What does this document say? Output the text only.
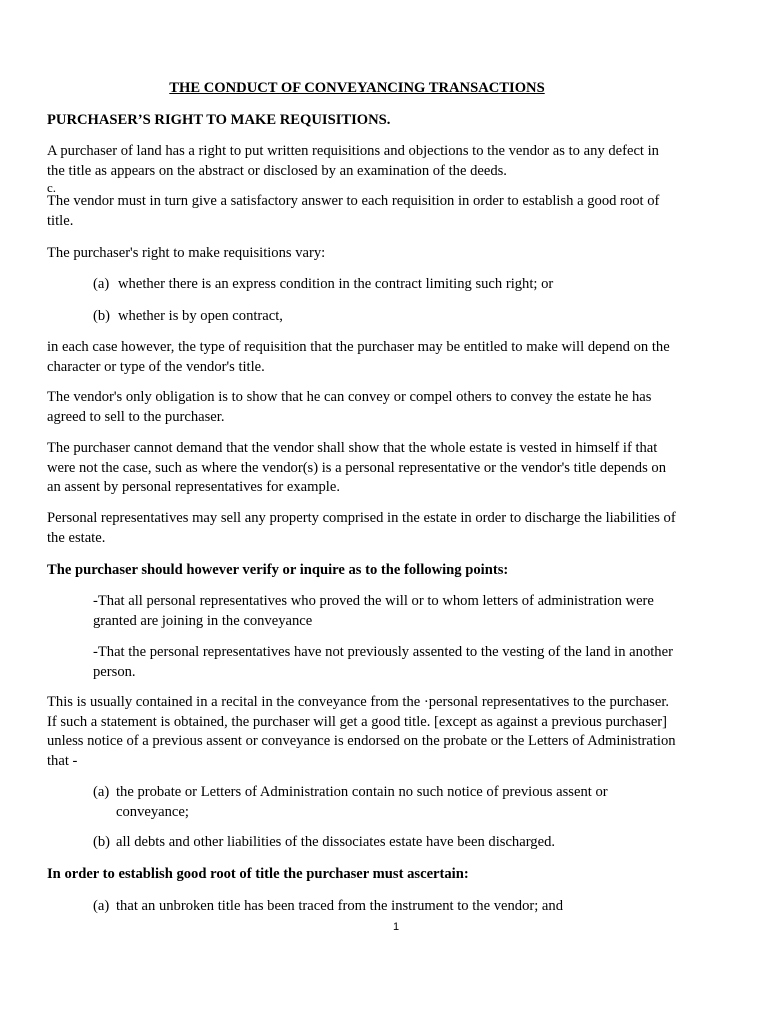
THE CONDUCT OF CONVEYANCING TRANSACTIONS

PURCHASER’S RIGHT TO MAKE REQUISITIONS.

A purchaser of land has a right to put written requisitions and objections to the vendor as to any defect in the title as appears on the abstract or disclosed by an examination of the deeds.

c.

The vendor must in turn give a satisfactory answer to each requisition in order to establish a good root of title.

The purchaser's right to make requisitions vary:

(a) whether there is an express condition in the contract limiting such right; or
(b) whether is by open contract,

in each case however, the type of requisition that the purchaser may be entitled to make will depend on the character or type of the vendor's title.

The vendor's only obligation is to show that he can convey or compel others to convey the estate he has agreed to sell to the purchaser.

The purchaser cannot demand that the vendor shall show that the whole estate is vested in himself if that were not the case, such as where the vendor(s) is a personal representative or the vendor's title depends on an assent by personal representatives for example.

Personal representatives may sell any property comprised in the estate in order to discharge the liabilities of the estate.

The purchaser should however verify or inquire as to the following points:

-That all personal representatives who proved the will or to whom letters of administration were granted are joining in the conveyance

-That the personal representatives have not previously assented to the vesting of the land in another person.

This is usually contained in a recital in the conveyance from the ·personal representatives to the purchaser. If such a statement is obtained, the purchaser will get a good title. [except as against a previous purchaser] unless notice of a previous assent or conveyance is endorsed on the probate or the Letters of Administration that -

(a) the probate or Letters of Administration contain no such notice of previous assent or conveyance;
(b) all debts and other liabilities of the dissociates estate have been discharged.

In order to establish good root of title the purchaser must ascertain:

(a) that an unbroken title has been traced from the instrument to the vendor; and
1
